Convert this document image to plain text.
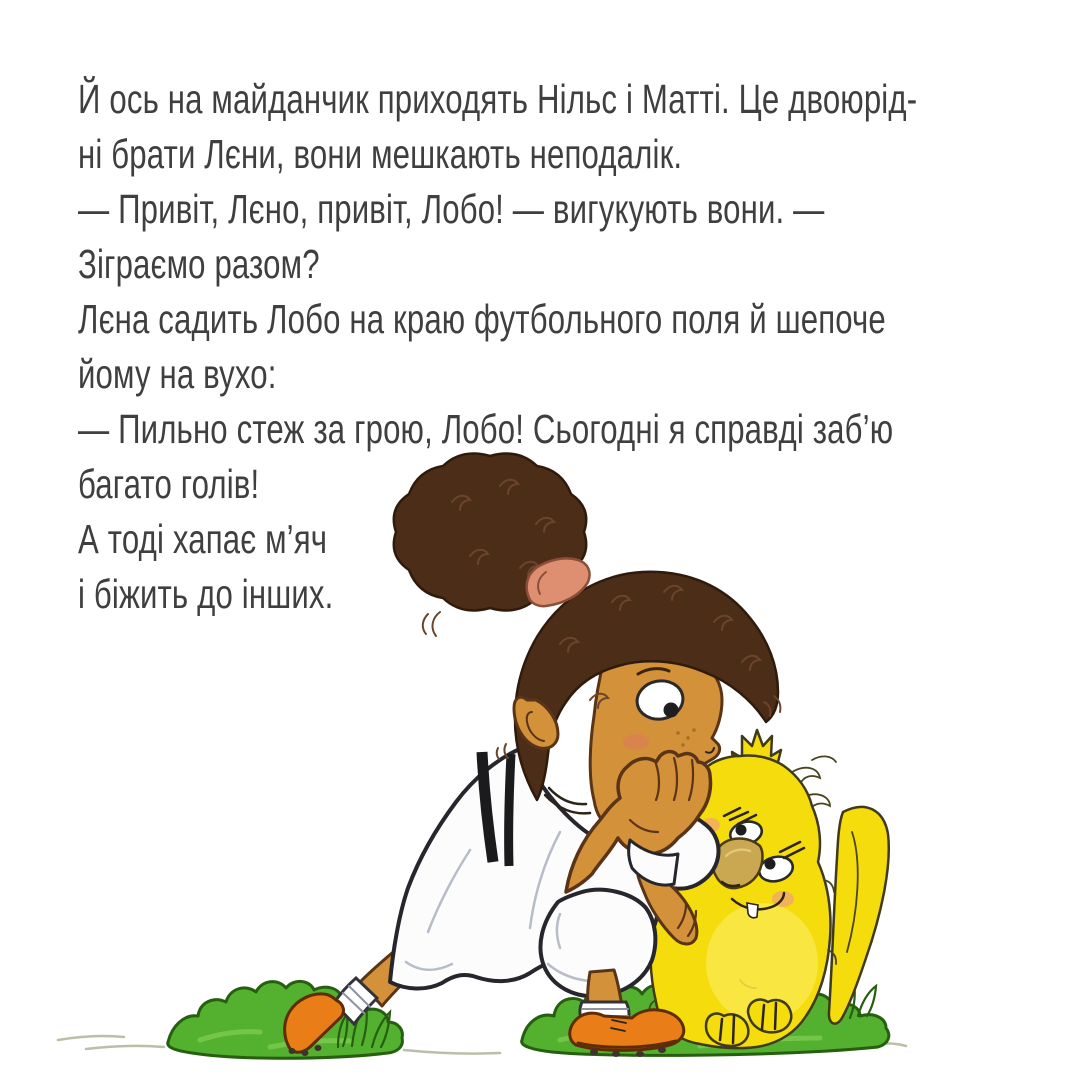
Й ось на майданчик приходять Нільс і Матті. Це двоюрід-
ні брати Лєни, вони мешкають неподалік.
— Привіт, Лєно, привіт, Лобо! — вигукують вони. —
Зіграємо разом?
Лєна садить Лобо на краю футбольного поля й шепоче
йому на вухо:
— Пильно стеж за грою, Лобо! Сьогодні я справді заб’ю
багато голів!
А тоді хапає м’яч
і біжить до інших.
